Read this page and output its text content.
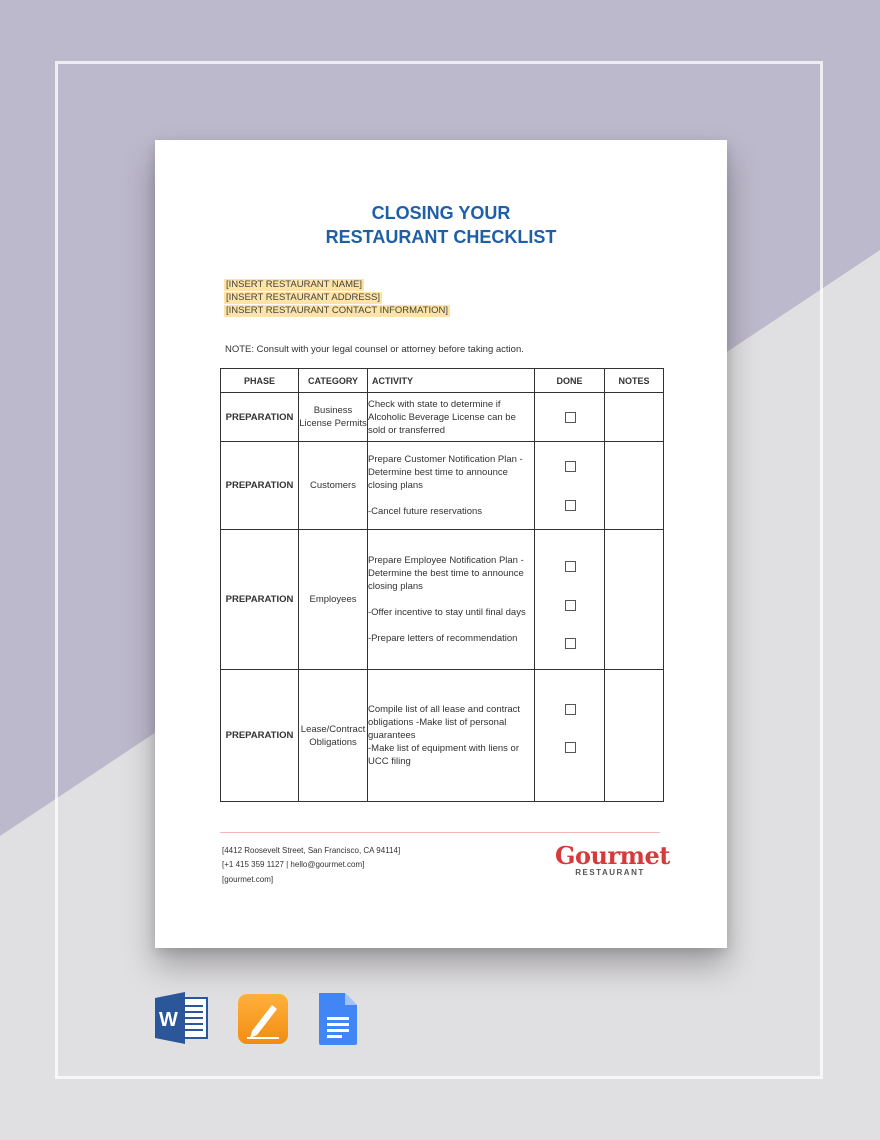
CLOSING YOUR
RESTAURANT CHECKLIST
[INSERT RESTAURANT NAME]
[INSERT RESTAURANT ADDRESS]
[INSERT RESTAURANT CONTACT INFORMATION]
NOTE: Consult with your legal counsel or attorney before taking action.
PHASE	CATEGORY	ACTIVITY	DONE	NOTES
PREPARATION	Business License Permits	Check with state to determine if Alcoholic Beverage License can be sold or transferred		

PREPARATION	Customers	Prepare Customer Notification Plan -Determine best time to announce closing plans
-Cancel future reservations		

PREPARATION	Employees	Prepare Employee Notification Plan -Determine the best time to announce closing plans
-Offer incentive to stay until final days
-Prepare letters of recommendation		

PREPARATION	Lease/Contract Obligations	Compile list of all lease and contract obligations -Make list of personal guarantees
-Make list of equipment with liens or UCC filing		

[4412 Roosevelt Street, San Francisco, CA 94114]
[+1 415 359 1127 | hello@gourmet.com]
[gourmet.com]
Gourmet
RESTAURANT
W
